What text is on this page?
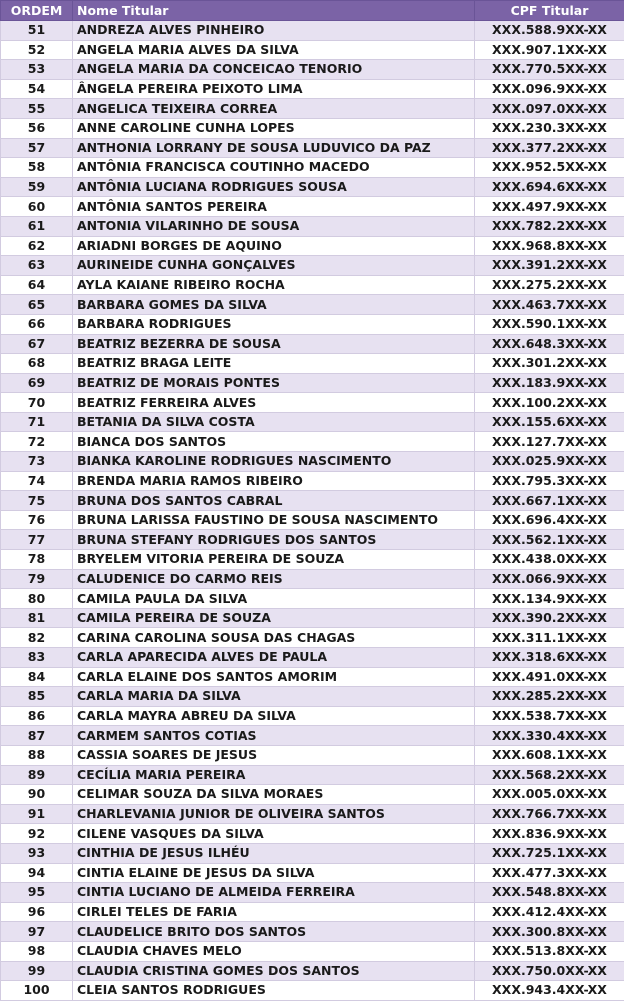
ORDEM	Nome Titular	CPF Titular
51	ANDREZA ALVES PINHEIRO	XXX.588.9XX-XX
52	ANGELA MARIA ALVES DA SILVA	XXX.907.1XX-XX
53	ANGELA MARIA DA CONCEICAO TENORIO	XXX.770.5XX-XX
54	ÂNGELA PEREIRA PEIXOTO LIMA	XXX.096.9XX-XX
55	ANGELICA TEIXEIRA CORREA	XXX.097.0XX-XX
56	ANNE CAROLINE CUNHA LOPES	XXX.230.3XX-XX
57	ANTHONIA LORRANY DE SOUSA LUDUVICO DA PAZ	XXX.377.2XX-XX
58	ANTÔNIA FRANCISCA COUTINHO MACEDO	XXX.952.5XX-XX
59	ANTÔNIA LUCIANA RODRIGUES SOUSA	XXX.694.6XX-XX
60	ANTÔNIA SANTOS PEREIRA	XXX.497.9XX-XX
61	ANTONIA VILARINHO DE SOUSA	XXX.782.2XX-XX
62	ARIADNI BORGES DE AQUINO	XXX.968.8XX-XX
63	AURINEIDE CUNHA GONÇALVES	XXX.391.2XX-XX
64	AYLA KAIANE RIBEIRO ROCHA	XXX.275.2XX-XX
65	BARBARA GOMES DA SILVA	XXX.463.7XX-XX
66	BARBARA RODRIGUES	XXX.590.1XX-XX
67	BEATRIZ BEZERRA DE SOUSA	XXX.648.3XX-XX
68	BEATRIZ BRAGA LEITE	XXX.301.2XX-XX
69	BEATRIZ DE MORAIS PONTES	XXX.183.9XX-XX
70	BEATRIZ FERREIRA ALVES	XXX.100.2XX-XX
71	BETANIA DA SILVA COSTA	XXX.155.6XX-XX
72	BIANCA DOS SANTOS	XXX.127.7XX-XX
73	BIANKA KAROLINE RODRIGUES NASCIMENTO	XXX.025.9XX-XX
74	BRENDA MARIA RAMOS RIBEIRO	XXX.795.3XX-XX
75	BRUNA DOS SANTOS CABRAL	XXX.667.1XX-XX
76	BRUNA LARISSA FAUSTINO DE SOUSA NASCIMENTO	XXX.696.4XX-XX
77	BRUNA STEFANY RODRIGUES DOS SANTOS	XXX.562.1XX-XX
78	BRYELEM VITORIA PEREIRA DE SOUZA	XXX.438.0XX-XX
79	CALUDENICE DO CARMO REIS	XXX.066.9XX-XX
80	CAMILA PAULA DA SILVA	XXX.134.9XX-XX
81	CAMILA PEREIRA DE SOUZA	XXX.390.2XX-XX
82	CARINA CAROLINA SOUSA DAS CHAGAS	XXX.311.1XX-XX
83	CARLA APARECIDA ALVES DE PAULA	XXX.318.6XX-XX
84	CARLA ELAINE DOS SANTOS AMORIM	XXX.491.0XX-XX
85	CARLA MARIA DA SILVA	XXX.285.2XX-XX
86	CARLA MAYRA ABREU DA SILVA	XXX.538.7XX-XX
87	CARMEM SANTOS COTIAS	XXX.330.4XX-XX
88	CASSIA SOARES DE JESUS	XXX.608.1XX-XX
89	CECÍLIA MARIA PEREIRA	XXX.568.2XX-XX
90	CELIMAR SOUZA DA SILVA MORAES	XXX.005.0XX-XX
91	CHARLEVANIA JUNIOR DE OLIVEIRA SANTOS	XXX.766.7XX-XX
92	CILENE VASQUES DA SILVA	XXX.836.9XX-XX
93	CINTHIA DE JESUS ILHÉU	XXX.725.1XX-XX
94	CINTIA ELAINE DE JESUS DA SILVA	XXX.477.3XX-XX
95	CINTIA LUCIANO DE ALMEIDA FERREIRA	XXX.548.8XX-XX
96	CIRLEI TELES DE FARIA	XXX.412.4XX-XX
97	CLAUDELICE BRITO DOS SANTOS	XXX.300.8XX-XX
98	CLAUDIA CHAVES MELO	XXX.513.8XX-XX
99	CLAUDIA CRISTINA GOMES DOS SANTOS	XXX.750.0XX-XX
100	CLEIA SANTOS RODRIGUES	XXX.943.4XX-XX
